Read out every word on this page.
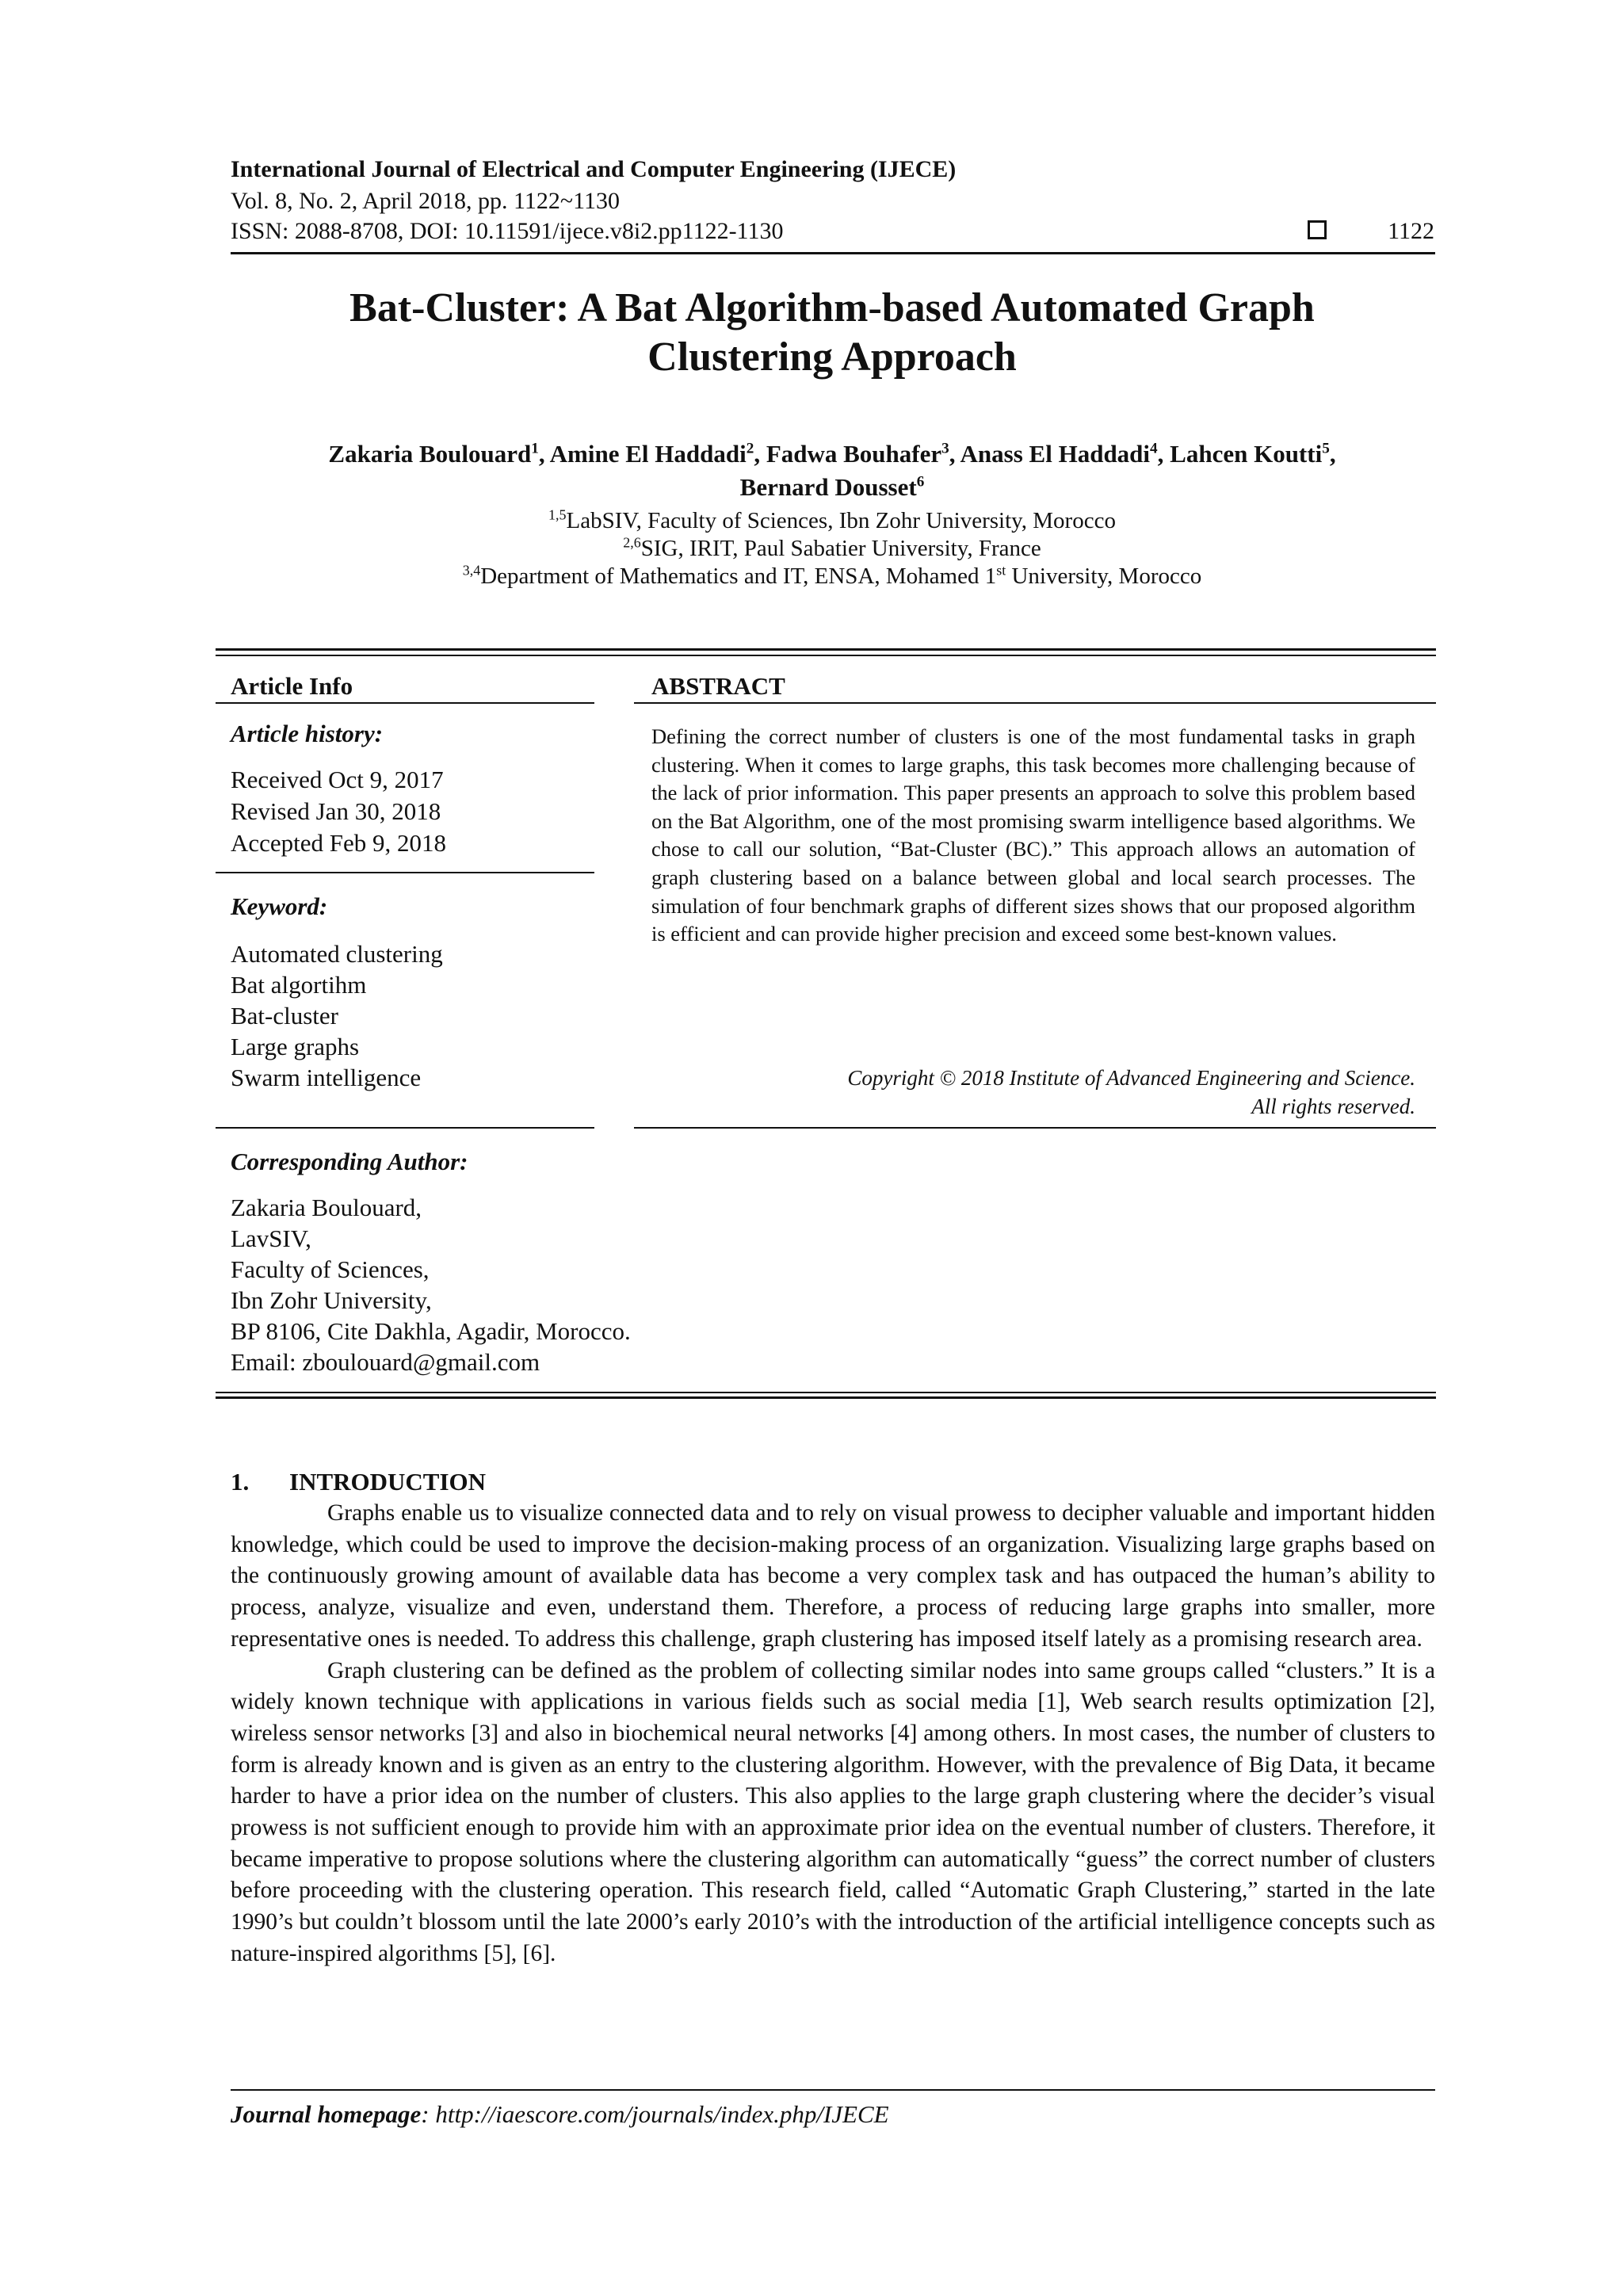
International Journal of Electrical and Computer Engineering (IJECE)
Vol. 8, No. 2, April 2018, pp. 1122~1130
ISSN: 2088-8708, DOI: 10.11591/ijece.v8i2.pp1122-1130	1122
Bat-Cluster: A Bat Algorithm-based Automated Graph
Clustering Approach
Zakaria Boulouard$^1$, Amine El Haddadi$^2$, Fadwa Bouhafer$^3$, Anass El Haddadi$^4$, Lahcen Koutti$^5$,
Bernard Dousset$^6$
$^{1,5}$LabSIV, Faculty of Sciences, Ibn Zohr University, Morocco
$^{2,6}$SIG, IRIT, Paul Sabatier University, France
$^{3,4}$Department of Mathematics and IT, ENSA, Mohamed 1st University, Morocco
Article Info
Article history:
Received Oct 9, 2017
Revised Jan 30, 2018
Accepted Feb 9, 2018
Keyword:
Automated clustering
Bat algortihm
Bat-cluster
Large graphs
Swarm intelligence
ABSTRACT
Defining the correct number of clusters is one of the most fundamental tasks in graph clustering. When it comes to large graphs, this task becomes more challenging because of the lack of prior information. This paper presents an approach to solve this problem based on the Bat Algorithm, one of the most promising swarm intelligence based algorithms. We chose to call our solution, “Bat-Cluster (BC).” This approach allows an automation of graph clustering based on a balance between global and local search processes. The simulation of four benchmark graphs of different sizes shows that our proposed algorithm is efficient and can provide higher precision and exceed some best-known values.
Copyright © 2018 Institute of Advanced Engineering and Science.
All rights reserved.
Corresponding Author:
Zakaria Boulouard,
LavSIV,
Faculty of Sciences,
Ibn Zohr University,
BP 8106, Cite Dakhla, Agadir, Morocco.
Email: zboulouard@gmail.com
1. INTRODUCTION

Graphs enable us to visualize connected data and to rely on visual prowess to decipher valuable and important hidden knowledge, which could be used to improve the decision-making process of an organization. Visualizing large graphs based on the continuously growing amount of available data has become a very complex task and has outpaced the human’s ability to process, analyze, visualize and even, understand them. Therefore, a process of reducing large graphs into smaller, more representative ones is needed. To address this challenge, graph clustering has imposed itself lately as a promising research area.

Graph clustering can be defined as the problem of collecting similar nodes into same groups called “clusters.” It is a widely known technique with applications in various fields such as social media [1], Web search results optimization [2], wireless sensor networks [3] and also in biochemical neural networks [4] among others. In most cases, the number of clusters to form is already known and is given as an entry to the clustering algorithm. However, with the prevalence of Big Data, it became harder to have a prior idea on the number of clusters. This also applies to the large graph clustering where the decider’s visual prowess is not sufficient enough to provide him with an approximate prior idea on the eventual number of clusters. Therefore, it became imperative to propose solutions where the clustering algorithm can automatically “guess” the correct number of clusters before proceeding with the clustering operation. This research field, called “Automatic Graph Clustering,” started in the late 1990’s but couldn’t blossom until the late 2000’s early 2010’s with the introduction of the artificial intelligence concepts such as nature-inspired algorithms [5], [6].

Journal homepage: http://iaescore.com/journals/index.php/IJECE
